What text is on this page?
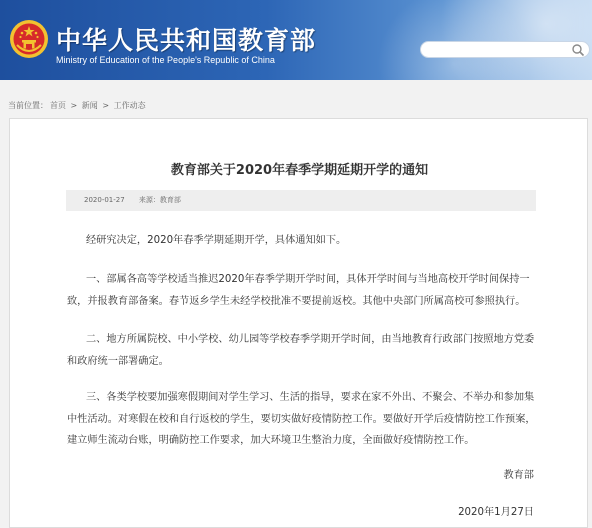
中华人民共和国教育部
Ministry of Education of the People's Republic of China
当前位置： 首页 > 新闻 > 工作动态
教育部关于2020年春季学期延期开学的通知
2020-01-27 来源：教育部

经研究决定，2020年春季学期延期开学，具体通知如下。

一、部属各高等学校适当推迟2020年春季学期开学时间，具体开学时间与当地高校开学时间保持一致，并报教育部备案。春节返乡学生未经学校批准不要提前返校。其他中央部门所属高校可参照执行。

二、地方所属院校、中小学校、幼儿园等学校春季学期开学时间，由当地教育行政部门按照地方党委和政府统一部署确定。

三、各类学校要加强寒假期间对学生学习、生活的指导，要求在家不外出、不聚会、不举办和参加集中性活动。对寒假在校和自行返校的学生，要切实做好疫情防控工作。要做好开学后疫情防控工作预案，建立师生流动台账，明确防控工作要求，加大环境卫生整治力度，全面做好疫情防控工作。

教育部
2020年1月27日
